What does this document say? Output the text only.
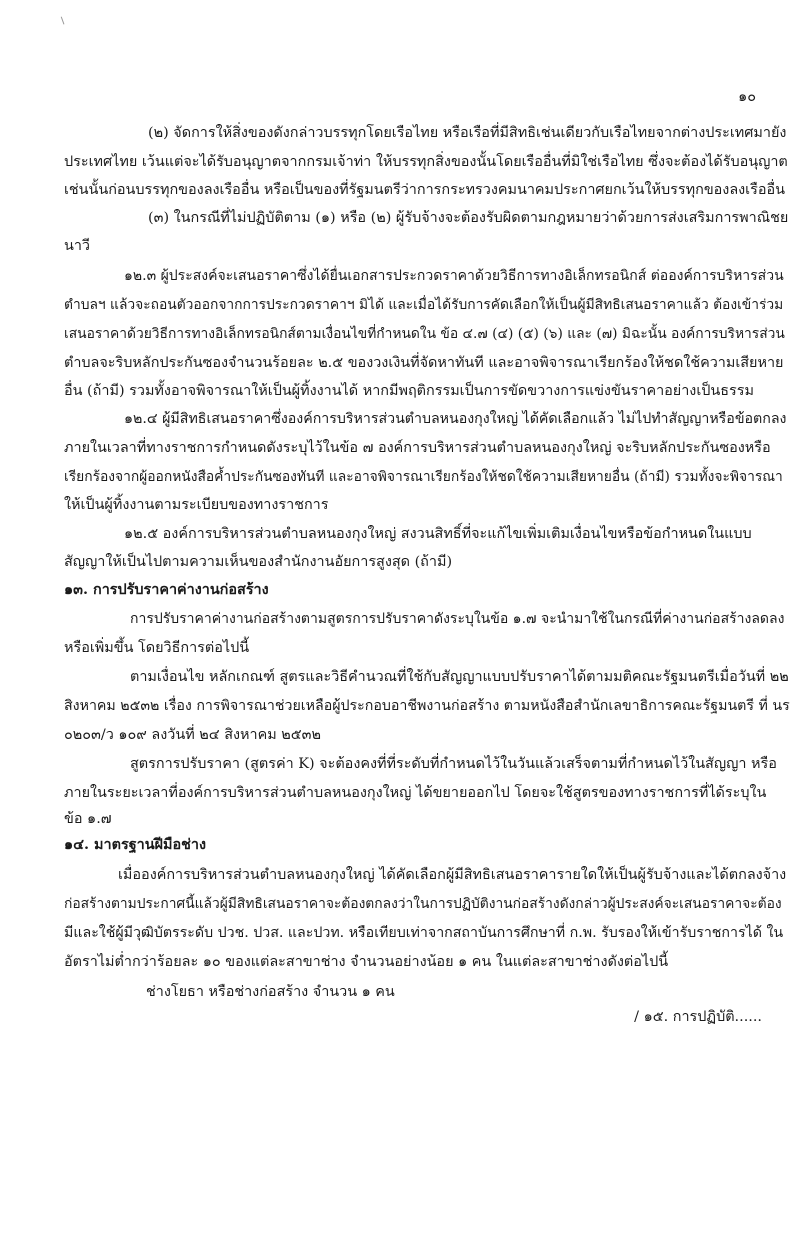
๑๐
(๒) จัดการให้สิ่งของดังกล่าวบรรทุกโดยเรือไทย หรือเรือที่มีสิทธิเช่นเดียวกับเรือไทยจากต่างประเทศมายัง
ประเทศไทย เว้นแต่จะได้รับอนุญาตจากกรมเจ้าท่า ให้บรรทุกสิ่งของนั้นโดยเรืออื่นที่มิใช่เรือไทย ซึ่งจะต้องได้รับอนุญาต
เช่นนั้นก่อนบรรทุกของลงเรืออื่น หรือเป็นของที่รัฐมนตรีว่าการกระทรวงคมนาคมประกาศยกเว้นให้บรรทุกของลงเรืออื่น
(๓) ในกรณีที่ไม่ปฏิบัติตาม (๑) หรือ (๒) ผู้รับจ้างจะต้องรับผิดตามกฎหมายว่าด้วยการส่งเสริมการพาณิชย
นาวี
๑๒.๓ ผู้ประสงค์จะเสนอราคาซึ่งได้ยื่นเอกสารประกวดราคาด้วยวิธีการทางอิเล็กทรอนิกส์ ต่อองค์การบริหารส่วน
ตำบลฯ แล้วจะถอนตัวออกจากการประกวดราคาฯ มิได้ และเมื่อได้รับการคัดเลือกให้เป็นผู้มีสิทธิเสนอราคาแล้ว ต้องเข้าร่วม
เสนอราคาด้วยวิธีการทางอิเล็กทรอนิกส์ตามเงื่อนไขที่กำหนดใน ข้อ ๔.๗ (๔) (๕) (๖) และ (๗) มิฉะนั้น องค์การบริหารส่วน
ตำบลจะริบหลักประกันซองจำนวนร้อยละ ๒.๕ ของวงเงินที่จัดหาทันที และอาจพิจารณาเรียกร้องให้ชดใช้ความเสียหาย
อื่น (ถ้ามี) รวมทั้งอาจพิจารณาให้เป็นผู้ทิ้งงานได้ หากมีพฤติกรรมเป็นการขัดขวางการแข่งขันราคาอย่างเป็นธรรม
๑๒.๔ ผู้มีสิทธิเสนอราคาซึ่งองค์การบริหารส่วนตำบลหนองกุงใหญ่ ได้คัดเลือกแล้ว ไม่ไปทำสัญญาหรือข้อตกลง
ภายในเวลาที่ทางราชการกำหนดดังระบุไว้ในข้อ ๗ องค์การบริหารส่วนตำบลหนองกุงใหญ่ จะริบหลักประกันซองหรือ
เรียกร้องจากผู้ออกหนังสือค้ำประกันซองทันที และอาจพิจารณาเรียกร้องให้ชดใช้ความเสียหายอื่น (ถ้ามี) รวมทั้งจะพิจารณา
ให้เป็นผู้ทิ้งงานตามระเบียบของทางราชการ
๑๒.๕ องค์การบริหารส่วนตำบลหนองกุงใหญ่ สงวนสิทธิ์ที่จะแก้ไขเพิ่มเติมเงื่อนไขหรือข้อกำหนดในแบบ
สัญญาให้เป็นไปตามความเห็นของสำนักงานอัยการสูงสุด (ถ้ามี)
๑๓. การปรับราคาค่างานก่อสร้าง
การปรับราคาค่างานก่อสร้างตามสูตรการปรับราคาดังระบุในข้อ ๑.๗ จะนำมาใช้ในกรณีที่ค่างานก่อสร้างลดลง
หรือเพิ่มขึ้น โดยวิธีการต่อไปนี้
ตามเงื่อนไข หลักเกณฑ์ สูตรและวิธีคำนวณที่ใช้กับสัญญาแบบปรับราคาได้ตามมติคณะรัฐมนตรีเมื่อวันที่ ๒๒
สิงหาคม ๒๕๓๒ เรื่อง การพิจารณาช่วยเหลือผู้ประกอบอาชีพงานก่อสร้าง ตามหนังสือสำนักเลขาธิการคณะรัฐมนตรี ที่ นร
๐๒๐๓/ว ๑๐๙ ลงวันที่ ๒๔ สิงหาคม ๒๕๓๒
สูตรการปรับราคา (สูตรค่า K) จะต้องคงที่ที่ระดับที่กำหนดไว้ในวันแล้วเสร็จตามที่กำหนดไว้ในสัญญา หรือ
ภายในระยะเวลาที่องค์การบริหารส่วนตำบลหนองกุงใหญ่ ได้ขยายออกไป โดยจะใช้สูตรของทางราชการที่ได้ระบุใน
ข้อ ๑.๗
๑๔. มาตรฐานฝีมือช่าง
เมื่อองค์การบริหารส่วนตำบลหนองกุงใหญ่ ได้คัดเลือกผู้มีสิทธิเสนอราคารายใดให้เป็นผู้รับจ้างและได้ตกลงจ้าง
ก่อสร้างตามประกาศนี้แล้วผู้มีสิทธิเสนอราคาจะต้องตกลงว่าในการปฏิบัติงานก่อสร้างดังกล่าวผู้ประสงค์จะเสนอราคาจะต้อง
มีและใช้ผู้มีวุฒิบัตรระดับ ปวช. ปวส. และปวท. หรือเทียบเท่าจากสถาบันการศึกษาที่ ก.พ. รับรองให้เข้ารับราชการได้ ใน
อัตราไม่ต่ำกว่าร้อยละ ๑๐ ของแต่ละสาขาช่าง จำนวนอย่างน้อย ๑ คน ในแต่ละสาขาช่างดังต่อไปนี้
ช่างโยธา หรือช่างก่อสร้าง จำนวน ๑ คน
/ ๑๕. การปฏิบัติ......
